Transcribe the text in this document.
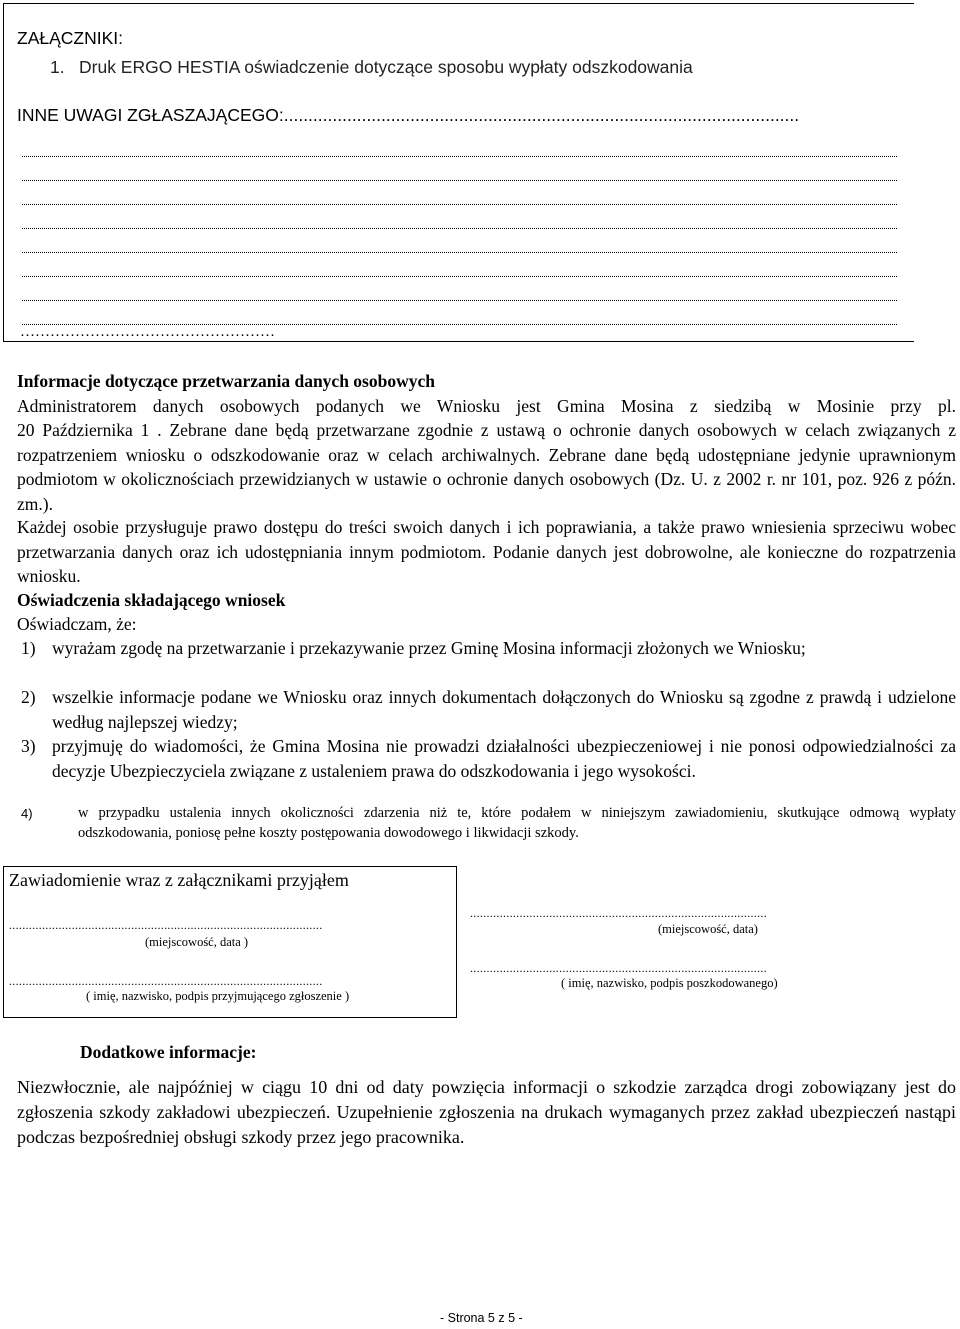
ZAŁĄCZNIKI:
1. Druk ERGO HESTIA oświadczenie dotyczące sposobu wypłaty odszkodowania
INNE UWAGI ZGŁASZAJĄCEGO:..........................................................................................................
……………………………………………
Informacje dotyczące przetwarzania danych osobowych
Administratorem danych osobowych podanych we Wniosku jest Gmina Mosina z siedzibą w Mosinie przy pl.
20 Października 1 . Zebrane dane będą przetwarzane zgodnie z ustawą o ochronie danych osobowych w celach związanych z rozpatrzeniem wniosku o odszkodowanie oraz w celach archiwalnych. Zebrane dane będą udostępniane jedynie uprawnionym podmiotom w okolicznościach przewidzianych w ustawie o ochronie danych osobowych (Dz. U. z 2002 r. nr 101, poz. 926 z późn. zm.).
Każdej osobie przysługuje prawo dostępu do treści swoich danych i ich poprawiania, a także prawo wniesienia sprzeciwu wobec przetwarzania danych oraz ich udostępniania innym podmiotom. Podanie danych jest dobrowolne, ale konieczne do rozpatrzenia wniosku.
Oświadczenia składającego wniosek
Oświadczam, że:
1) wyrażam zgodę na przetwarzanie i przekazywanie przez Gminę Mosina informacji złożonych we Wniosku;
2) wszelkie informacje podane we Wniosku oraz innych dokumentach dołączonych do Wniosku są zgodne z prawdą i udzielone według najlepszej wiedzy;
3) przyjmuję do wiadomości, że Gmina Mosina nie prowadzi działalności ubezpieczeniowej i nie ponosi odpowiedzialności za decyzje Ubezpieczyciela związane z ustaleniem prawa do odszkodowania i jego wysokości.
4)	w przypadku ustalenia innych okoliczności zdarzenia niż te, które podałem w niniejszym zawiadomieniu, skutkujące odmową wypłaty odszkodowania, poniosę pełne koszty postępowania dowodowego i likwidacji szkody.
Zawiadomienie wraz z załącznikami przyjąłem
...............................................................................................
(miejscowość, data )
...............................................................................................
( imię, nazwisko, podpis przyjmującego zgłoszenie )
..........................................................................................
(miejscowość, data)
..........................................................................................
( imię, nazwisko, podpis poszkodowanego)
Dodatkowe informacje:
Niezwłocznie, ale najpóźniej w ciągu 10 dni od daty powzięcia informacji o szkodzie zarządca drogi zobowiązany jest do zgłoszenia szkody zakładowi ubezpieczeń. Uzupełnienie zgłoszenia na drukach wymaganych przez zakład ubezpieczeń nastąpi podczas bezpośredniej obsługi szkody przez jego pracownika.
- Strona 5 z 5 -
